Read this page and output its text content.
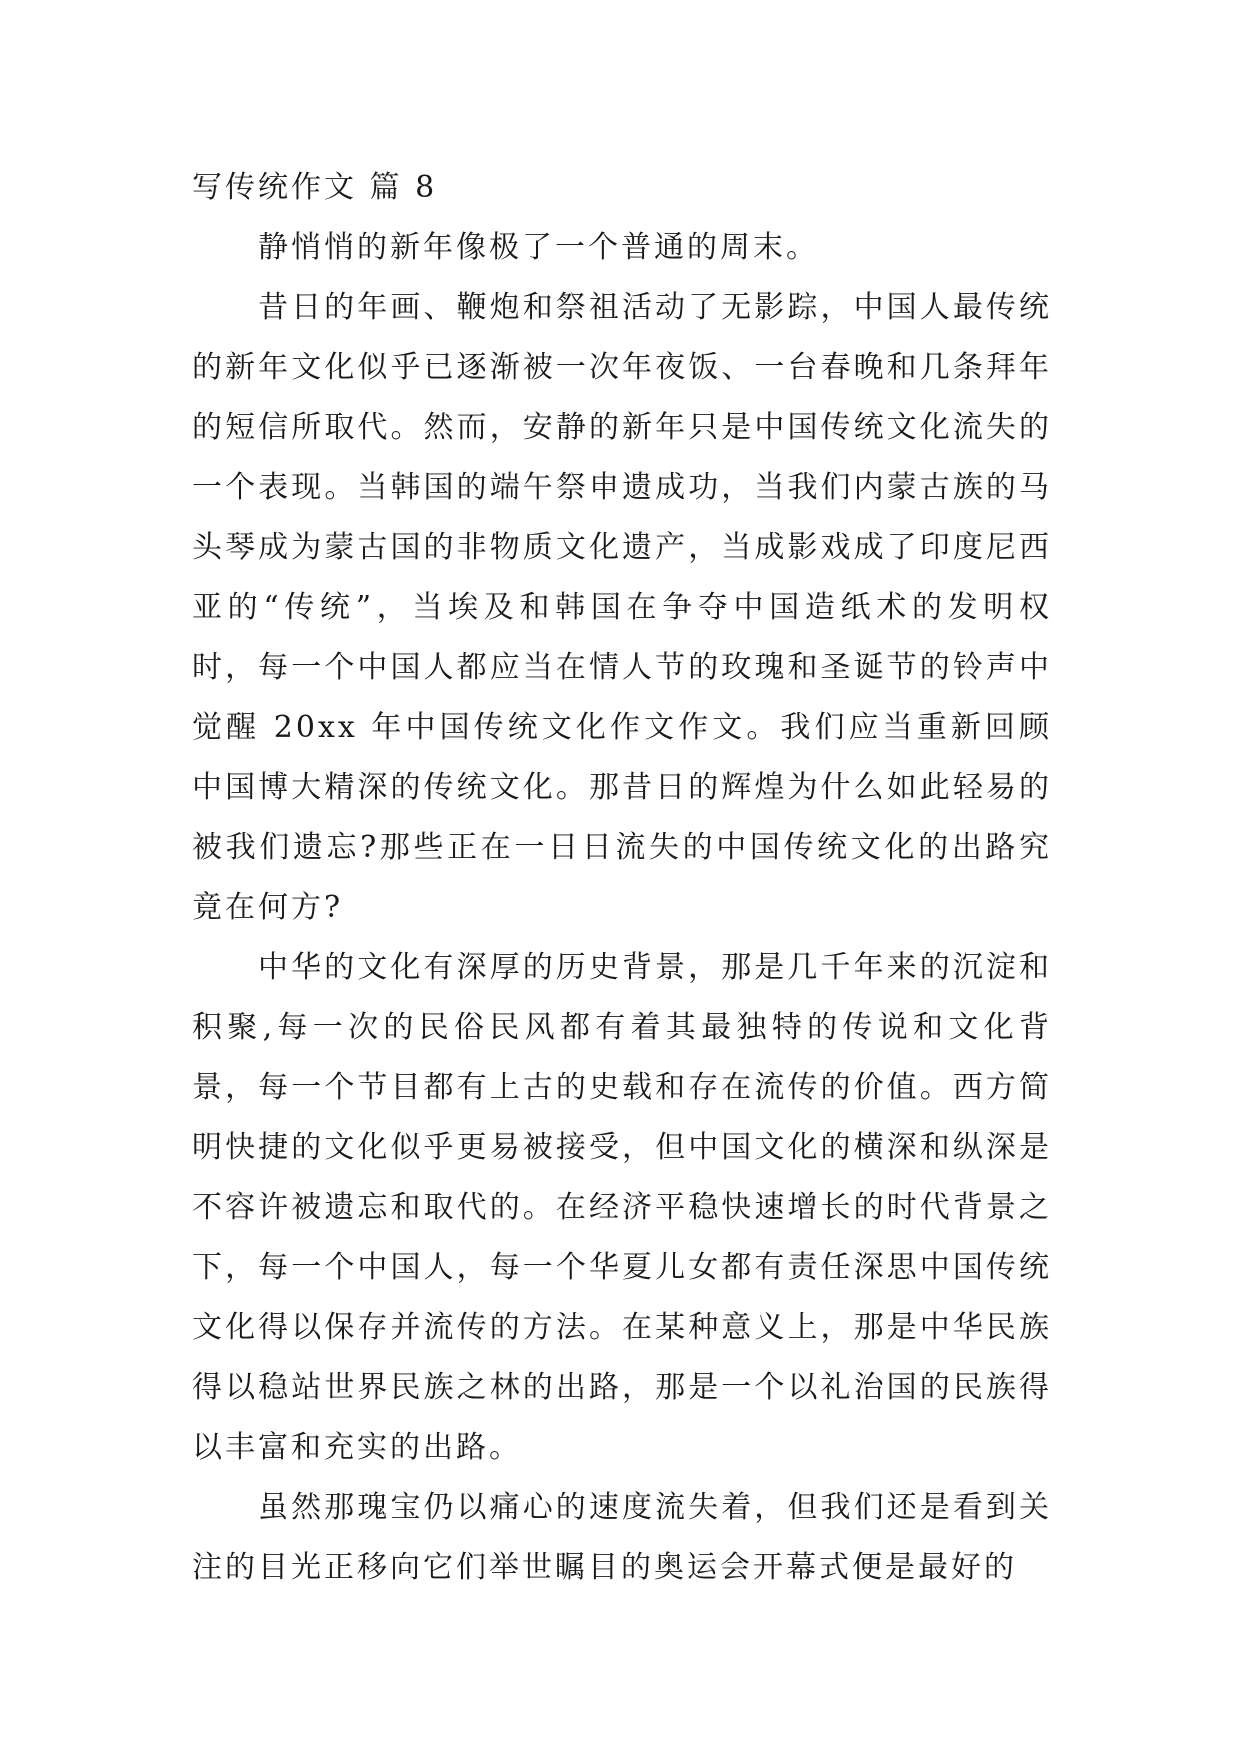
写传统作文 篇 8

静悄悄的新年像极了一个普通的周末。

昔日的年画、鞭炮和祭祖活动了无影踪，中国人最传统的新年文化似乎已逐渐被一次年夜饭、一台春晚和几条拜年的短信所取代。然而，安静的新年只是中国传统文化流失的一个表现。当韩国的端午祭申遗成功，当我们内蒙古族的马头琴成为蒙古国的非物质文化遗产，当成影戏成了印度尼西亚的“传统”，当埃及和韩国在争夺中国造纸术的发明权时，每一个中国人都应当在情人节的玫瑰和圣诞节的铃声中觉醒 20xx 年中国传统文化作文作文。我们应当重新回顾中国博大精深的传统文化。那昔日的辉煌为什么如此轻易的被我们遗忘?那些正在一日日流失的中国传统文化的出路究竟在何方?

中华的文化有深厚的历史背景，那是几千年来的沉淀和积聚,每一次的民俗民风都有着其最独特的传说和文化背景，每一个节目都有上古的史载和存在流传的价值。西方简明快捷的文化似乎更易被接受，但中国文化的横深和纵深是不容许被遗忘和取代的。在经济平稳快速增长的时代背景之下，每一个中国人，每一个华夏儿女都有责任深思中国传统文化得以保存并流传的方法。在某种意义上，那是中华民族得以稳站世界民族之林的出路，那是一个以礼治国的民族得以丰富和充实的出路。

虽然那瑰宝仍以痛心的速度流失着，但我们还是看到关注的目光正移向它们举世瞩目的奥运会开幕式便是最好的
